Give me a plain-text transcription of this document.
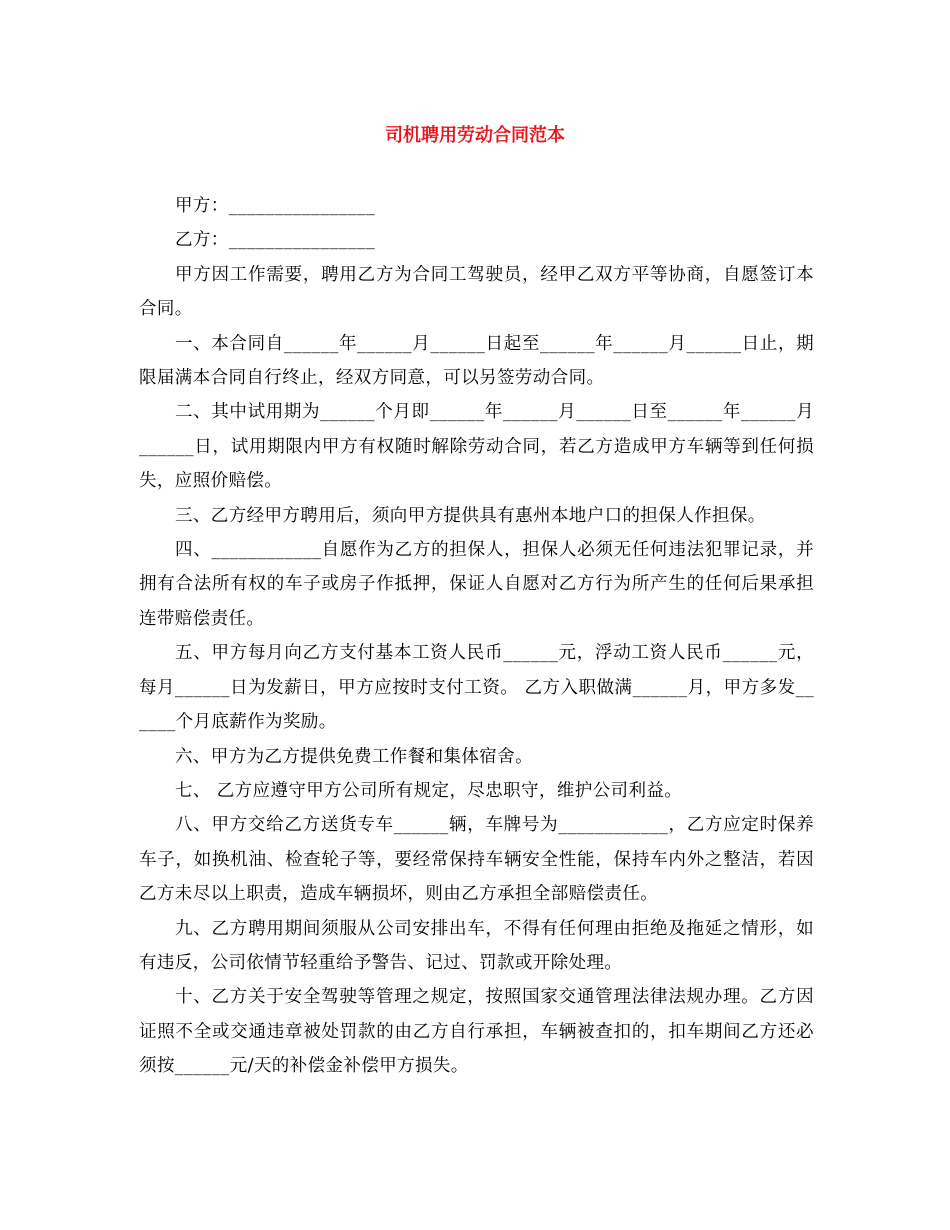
司机聘用劳动合同范本

甲方：________________

乙方：________________

甲方因工作需要，聘用乙方为合同工驾驶员，经甲乙双方平等协商，自愿签订本合同。

一、本合同自______年______月______日起至______年______月______日止，期限届满本合同自行终止，经双方同意，可以另签劳动合同。

二、其中试用期为______个月即______年______月______日至______年______月______日，试用期限内甲方有权随时解除劳动合同，若乙方造成甲方车辆等到任何损失，应照价赔偿。

三、乙方经甲方聘用后，须向甲方提供具有惠州本地户口的担保人作担保。

四、____________自愿作为乙方的担保人，担保人必须无任何违法犯罪记录，并拥有合法所有权的车子或房子作抵押，保证人自愿对乙方行为所产生的任何后果承担连带赔偿责任。

五、甲方每月向乙方支付基本工资人民币______元，浮动工资人民币______元，每月______日为发薪日，甲方应按时支付工资。 乙方入职做满______月，甲方多发______个月底薪作为奖励。

六、甲方为乙方提供免费工作餐和集体宿舍。

七、 乙方应遵守甲方公司所有规定，尽忠职守，维护公司利益。

八、甲方交给乙方送货专车______辆，车牌号为____________，乙方应定时保养车子，如换机油、检查轮子等，要经常保持车辆安全性能，保持车内外之整洁，若因乙方未尽以上职责，造成车辆损坏，则由乙方承担全部赔偿责任。

九、乙方聘用期间须服从公司安排出车，不得有任何理由拒绝及拖延之情形，如有违反，公司依情节轻重给予警告、记过、罚款或开除处理。

十、乙方关于安全驾驶等管理之规定，按照国家交通管理法律法规办理。乙方因证照不全或交通违章被处罚款的由乙方自行承担，车辆被查扣的，扣车期间乙方还必须按______元/天的补偿金补偿甲方损失。
